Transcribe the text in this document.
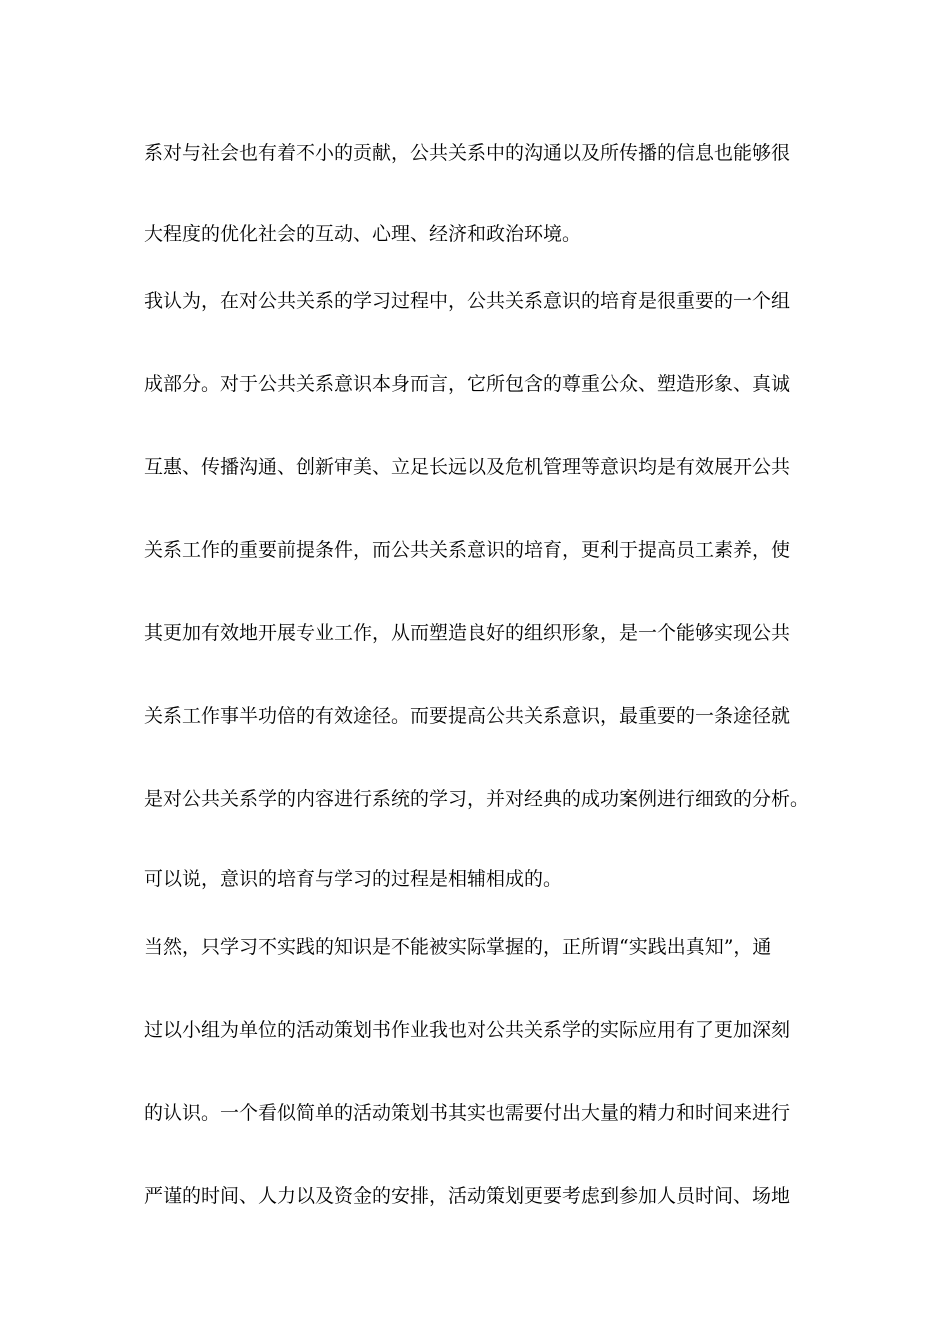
系对与社会也有着不小的贡献，公共关系中的沟通以及所传播的信息也能够很
大程度的优化社会的互动、心理、经济和政治环境。
我认为，在对公共关系的学习过程中，公共关系意识的培育是很重要的一个组
成部分。对于公共关系意识本身而言，它所包含的尊重公众、塑造形象、真诚
互惠、传播沟通、创新审美、立足长远以及危机管理等意识均是有效展开公共
关系工作的重要前提条件，而公共关系意识的培育，更利于提高员工素养，使
其更加有效地开展专业工作，从而塑造良好的组织形象，是一个能够实现公共
关系工作事半功倍的有效途径。而要提高公共关系意识，最重要的一条途径就
是对公共关系学的内容进行系统的学习，并对经典的成功案例进行细致的分析。
可以说，意识的培育与学习的过程是相辅相成的。
当然，只学习不实践的知识是不能被实际掌握的，正所谓“实践出真知”，通
过以小组为单位的活动策划书作业我也对公共关系学的实际应用有了更加深刻
的认识。一个看似简单的活动策划书其实也需要付出大量的精力和时间来进行
严谨的时间、人力以及资金的安排，活动策划更要考虑到参加人员时间、场地
